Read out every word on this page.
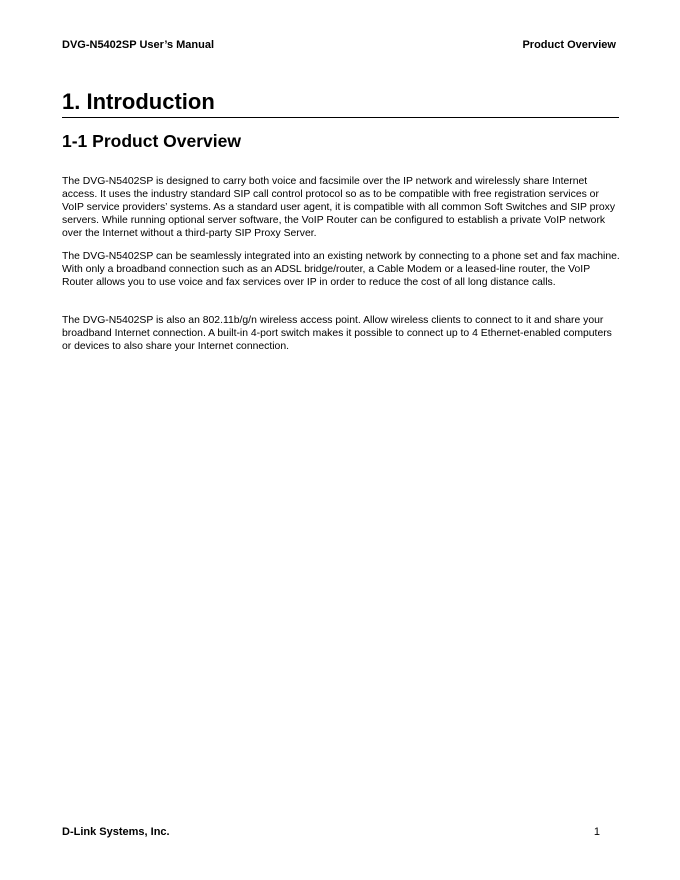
DVG-N5402SP User’s Manual	Product Overview
1. Introduction
1-1 Product Overview

The DVG-N5402SP is designed to carry both voice and facsimile over the IP network and wirelessly share Internet access. It uses the industry standard SIP call control protocol so as to be compatible with free registration services or VoIP service providers’ systems. As a standard user agent, it is compatible with all common Soft Switches and SIP proxy servers. While running optional server software, the VoIP Router can be configured to establish a private VoIP network over the Internet without a third-party SIP Proxy Server.

The DVG-N5402SP can be seamlessly integrated into an existing network by connecting to a phone set and fax machine. With only a broadband connection such as an ADSL bridge/router, a Cable Modem or a leased-line router, the VoIP Router allows you to use voice and fax services over IP in order to reduce the cost of all long distance calls.

The DVG-N5402SP is also an 802.11b/g/n wireless access point. Allow wireless clients to connect to it and share your broadband Internet connection. A built-in 4-port switch makes it possible to connect up to 4 Ethernet-enabled computers or devices to also share your Internet connection.

D-Link Systems, Inc.	1
